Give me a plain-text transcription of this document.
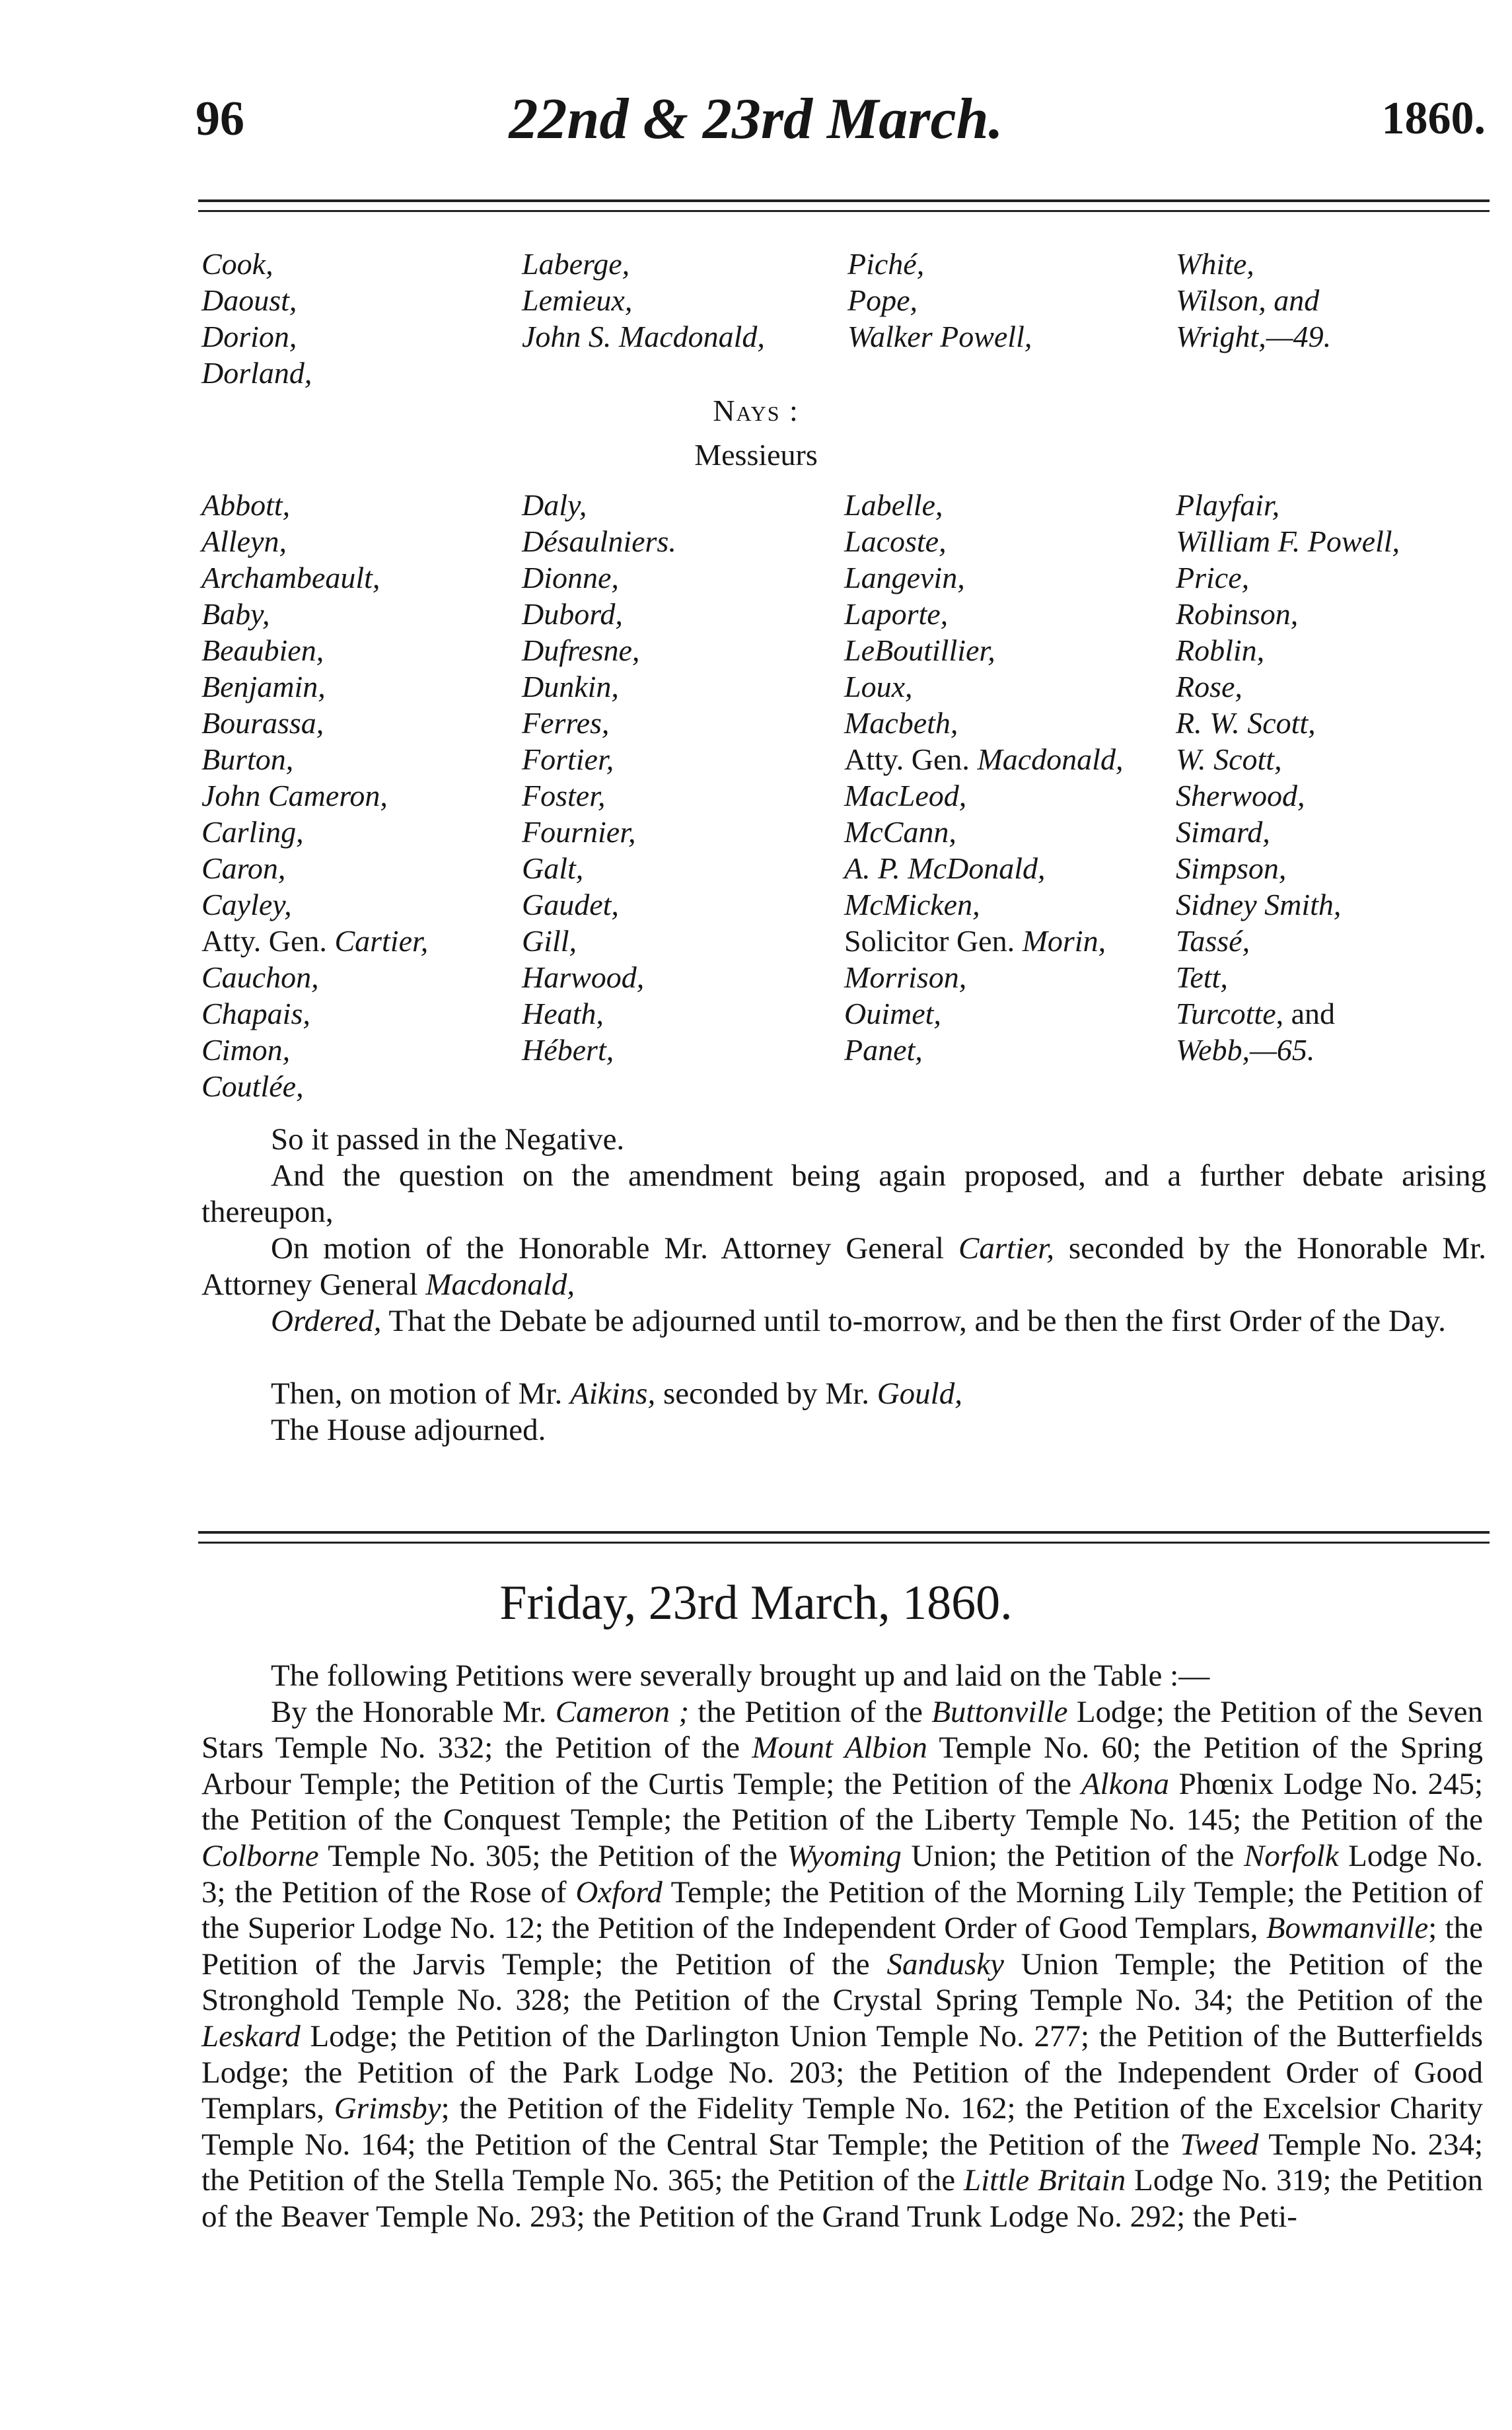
96	22nd & 23rd March.	1860.
Cook,
Daoust,
Dorion,
Dorland,
Laberge,
Lemieux,
John S. Macdonald,
Piché,
Pope,
Walker Powell,
White,
Wilson, and
Wright,—49.
Nays :
Messieurs
Abbott,
Alleyn,
Archambeault,
Baby,
Beaubien,
Benjamin,
Bourassa,
Burton,
John Cameron,
Carling,
Caron,
Cayley,
Atty. Gen. Cartier,
Cauchon,
Chapais,
Cimon,
Coutlée,
Daly,
Désaulniers.
Dionne,
Dubord,
Dufresne,
Dunkin,
Ferres,
Fortier,
Foster,
Fournier,
Galt,
Gaudet,
Gill,
Harwood,
Heath,
Hébert,
Labelle,
Lacoste,
Langevin,
Laporte,
LeBoutillier,
Loux,
Macbeth,
Atty. Gen. Macdonald,
MacLeod,
McCann,
A. P. McDonald,
McMicken,
Solicitor Gen. Morin,
Morrison,
Ouimet,
Panet,
Playfair,
William F. Powell,
Price,
Robinson,
Roblin,
Rose,
R. W. Scott,
W. Scott,
Sherwood,
Simard,
Simpson,
Sidney Smith,
Tassé,
Tett,
Turcotte, and
Webb,—65.

So it passed in the Negative.

And the question on the amendment being again proposed, and a further debate arising thereupon,

On motion of the Honorable Mr. Attorney General Cartier, seconded by the Honorable Mr. Attorney General Macdonald,

Ordered, That the Debate be adjourned until to-morrow, and be then the first Order of the Day.

Then, on motion of Mr. Aikins, seconded by Mr. Gould,

The House adjourned.

Friday, 23rd March, 1860.

The following Petitions were severally brought up and laid on the Table :—

By the Honorable Mr. Cameron ; the Petition of the Buttonville Lodge; the Petition of the Seven Stars Temple No. 332; the Petition of the Mount Albion Temple No. 60; the Petition of the Spring Arbour Temple; the Petition of the Curtis Temple; the Petition of the Alkona Phœnix Lodge No. 245; the Petition of the Conquest Temple; the Petition of the Liberty Temple No. 145; the Petition of the Colborne Temple No. 305; the Petition of the Wyoming Union; the Petition of the Norfolk Lodge No. 3; the Petition of the Rose of Oxford Temple; the Petition of the Morning Lily Temple; the Petition of the Superior Lodge No. 12; the Petition of the Independent Order of Good Templars, Bowmanville; the Petition of the Jarvis Temple; the Petition of the Sandusky Union Temple; the Petition of the Stronghold Temple No. 328; the Petition of the Crystal Spring Temple No. 34; the Petition of the Leskard Lodge; the Petition of the Darlington Union Temple No. 277; the Petition of the Butterfields Lodge; the Petition of the Park Lodge No. 203; the Petition of the Independent Order of Good Templars, Grimsby; the Petition of the Fidelity Temple No. 162; the Petition of the Excelsior Charity Temple No. 164; the Petition of the Central Star Temple; the Petition of the Tweed Temple No. 234; the Petition of the Stella Temple No. 365; the Petition of the Little Britain Lodge No. 319; the Petition of the Beaver Temple No. 293; the Petition of the Grand Trunk Lodge No. 292; the Peti-
